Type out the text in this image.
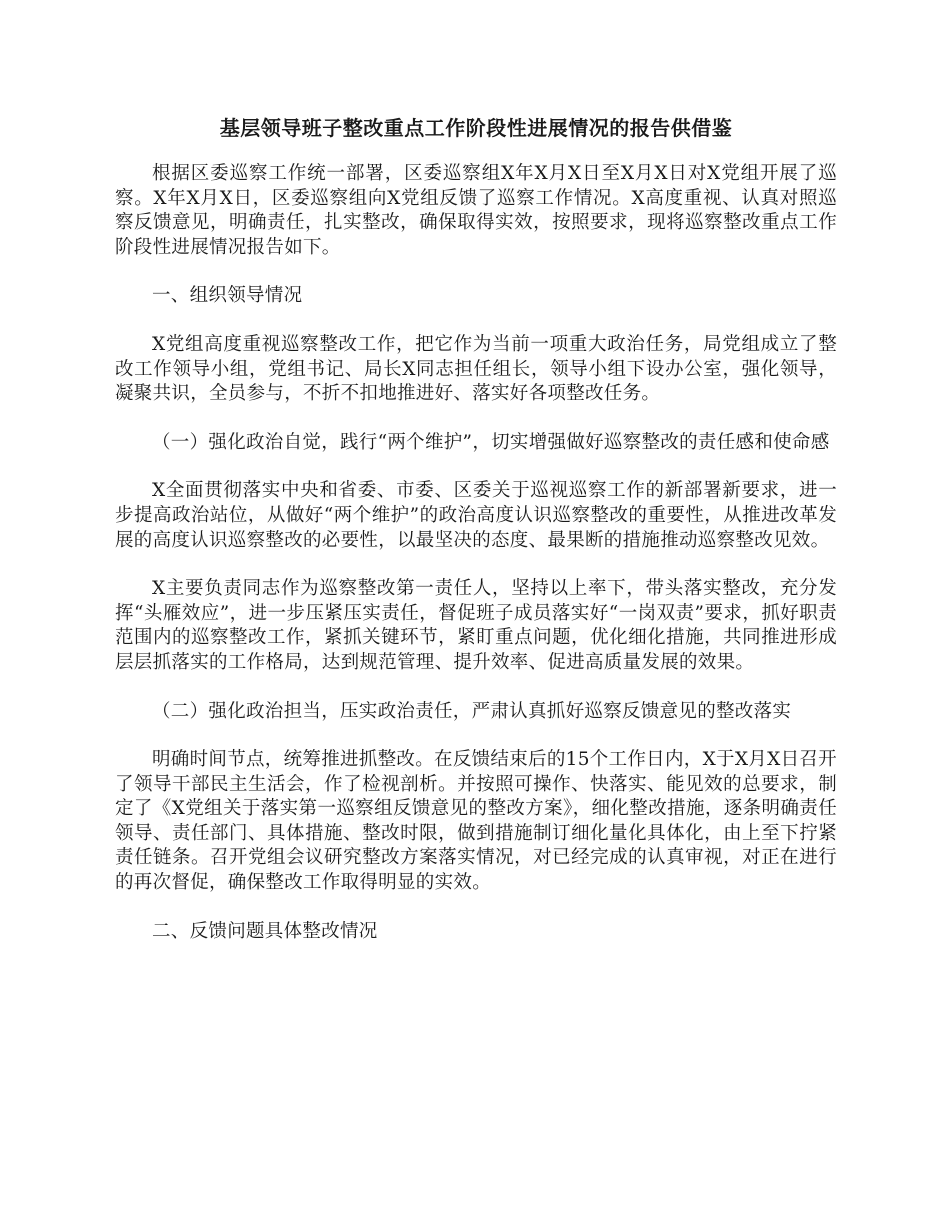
基层领导班子整改重点工作阶段性进展情况的报告供借鉴

根据区委巡察工作统一部署，区委巡察组X年X月X日至X月X日对X党组开展了巡察。X年X月X日，区委巡察组向X党组反馈了巡察工作情况。X高度重视、认真对照巡察反馈意见，明确责任，扎实整改，确保取得实效，按照要求，现将巡察整改重点工作阶段性进展情况报告如下。

一、组织领导情况

X党组高度重视巡察整改工作，把它作为当前一项重大政治任务，局党组成立了整改工作领导小组，党组书记、局长X同志担任组长，领导小组下设办公室，强化领导，凝聚共识，全员参与，不折不扣地推进好、落实好各项整改任务。

（一）强化政治自觉，践行“两个维护”，切实增强做好巡察整改的责任感和使命感

X全面贯彻落实中央和省委、市委、区委关于巡视巡察工作的新部署新要求，进一步提高政治站位，从做好“两个维护”的政治高度认识巡察整改的重要性，从推进改革发展的高度认识巡察整改的必要性，以最坚决的态度、最果断的措施推动巡察整改见效。

X主要负责同志作为巡察整改第一责任人，坚持以上率下，带头落实整改，充分发挥“头雁效应”，进一步压紧压实责任，督促班子成员落实好“一岗双责”要求，抓好职责范围内的巡察整改工作，紧抓关键环节，紧盯重点问题，优化细化措施，共同推进形成层层抓落实的工作格局，达到规范管理、提升效率、促进高质量发展的效果。

（二）强化政治担当，压实政治责任，严肃认真抓好巡察反馈意见的整改落实

明确时间节点，统筹推进抓整改。在反馈结束后的15个工作日内，X于X月X日召开了领导干部民主生活会，作了检视剖析。并按照可操作、快落实、能见效的总要求，制定了《X党组关于落实第一巡察组反馈意见的整改方案》，细化整改措施，逐条明确责任领导、责任部门、具体措施、整改时限，做到措施制订细化量化具体化，由上至下拧紧责任链条。召开党组会议研究整改方案落实情况，对已经完成的认真审视，对正在进行的再次督促，确保整改工作取得明显的实效。

二、反馈问题具体整改情况
